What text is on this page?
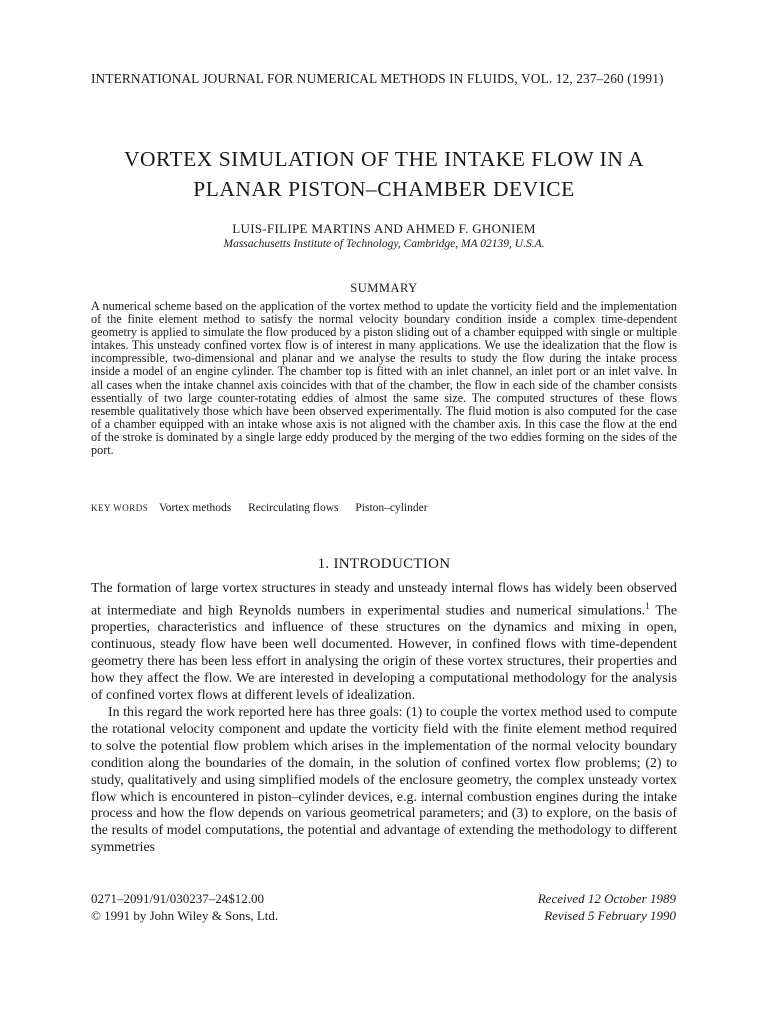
INTERNATIONAL JOURNAL FOR NUMERICAL METHODS IN FLUIDS, VOL. 12, 237–260 (1991)
VORTEX SIMULATION OF THE INTAKE FLOW IN A
PLANAR PISTON–CHAMBER DEVICE
LUIS-FILIPE MARTINS AND AHMED F. GHONIEM
Massachusetts Institute of Technology, Cambridge, MA 02139, U.S.A.
SUMMARY
A numerical scheme based on the application of the vortex method to update the vorticity field and the implementation of the finite element method to satisfy the normal velocity boundary condition inside a complex time-dependent geometry is applied to simulate the flow produced by a piston sliding out of a chamber equipped with single or multiple intakes. This unsteady confined vortex flow is of interest in many applications. We use the idealization that the flow is incompressible, two-dimensional and planar and we analyse the results to study the flow during the intake process inside a model of an engine cylinder. The chamber top is fitted with an inlet channel, an inlet port or an inlet valve. In all cases when the intake channel axis coincides with that of the chamber, the flow in each side of the chamber consists essentially of two large counter-rotating eddies of almost the same size. The computed structures of these flows resemble qualitatively those which have been observed experimentally. The fluid motion is also computed for the case of a chamber equipped with an intake whose axis is not aligned with the chamber axis. In this case the flow at the end of the stroke is dominated by a single large eddy produced by the merging of the two eddies forming on the sides of the port.
KEY WORDS Vortex methods Recirculating flows Piston–cylinder
1. INTRODUCTION

The formation of large vortex structures in steady and unsteady internal flows has widely been observed at intermediate and high Reynolds numbers in experimental studies and numerical simulations.$^1$ The properties, characteristics and influence of these structures on the dynamics and mixing in open, continuous, steady flow have been well documented. However, in confined flows with time-dependent geometry there has been less effort in analysing the origin of these vortex structures, their properties and how they affect the flow. We are interested in developing a computational methodology for the analysis of confined vortex flows at different levels of idealization.

In this regard the work reported here has three goals: (1) to couple the vortex method used to compute the rotational velocity component and update the vorticity field with the finite element method required to solve the potential flow problem which arises in the implementation of the normal velocity boundary condition along the boundaries of the domain, in the solution of confined vortex flow problems; (2) to study, qualitatively and using simplified models of the enclosure geometry, the complex unsteady vortex flow which is encountered in piston–cylinder devices, e.g. internal combustion engines during the intake process and how the flow depends on various geometrical parameters; and (3) to explore, on the basis of the results of model computations, the potential and advantage of extending the methodology to different symmetries

0271–2091/91/030237–24$12.00
© 1991 by John Wiley & Sons, Ltd.
Received 12 October 1989
Revised 5 February 1990
